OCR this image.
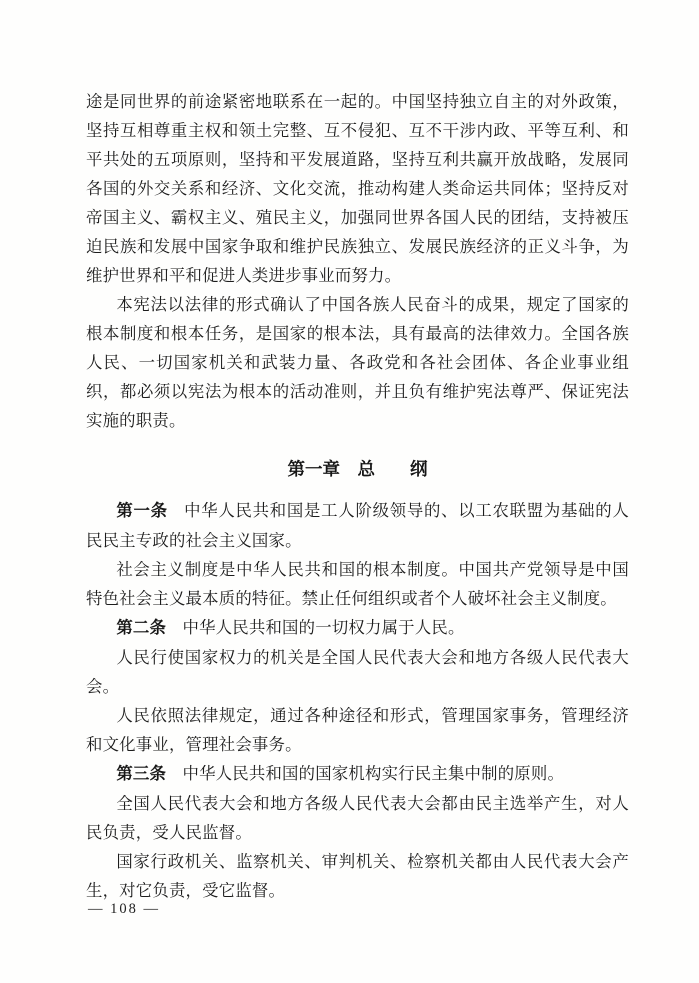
途是同世界的前途紧密地联系在一起的。中国坚持独立自主的对外政策，坚持互相尊重主权和领土完整、互不侵犯、互不干涉内政、平等互利、和平共处的五项原则，坚持和平发展道路，坚持互利共赢开放战略，发展同各国的外交关系和经济、文化交流，推动构建人类命运共同体；坚持反对帝国主义、霸权主义、殖民主义，加强同世界各国人民的团结，支持被压迫民族和发展中国家争取和维护民族独立、发展民族经济的正义斗争，为维护世界和平和促进人类进步事业而努力。

本宪法以法律的形式确认了中国各族人民奋斗的成果，规定了国家的根本制度和根本任务，是国家的根本法，具有最高的法律效力。全国各族人民、一切国家机关和武装力量、各政党和各社会团体、各企业事业组织，都必须以宪法为根本的活动准则，并且负有维护宪法尊严、保证宪法实施的职责。

第一章　总　　纲

第一条 中华人民共和国是工人阶级领导的、以工农联盟为基础的人民民主专政的社会主义国家。

社会主义制度是中华人民共和国的根本制度。中国共产党领导是中国特色社会主义最本质的特征。禁止任何组织或者个人破坏社会主义制度。

第二条 中华人民共和国的一切权力属于人民。

人民行使国家权力的机关是全国人民代表大会和地方各级人民代表大会。

人民依照法律规定，通过各种途径和形式，管理国家事务，管理经济和文化事业，管理社会事务。

第三条 中华人民共和国的国家机构实行民主集中制的原则。

全国人民代表大会和地方各级人民代表大会都由民主选举产生，对人民负责，受人民监督。

国家行政机关、监察机关、审判机关、检察机关都由人民代表大会产生，对它负责，受它监督。

— 108 —
